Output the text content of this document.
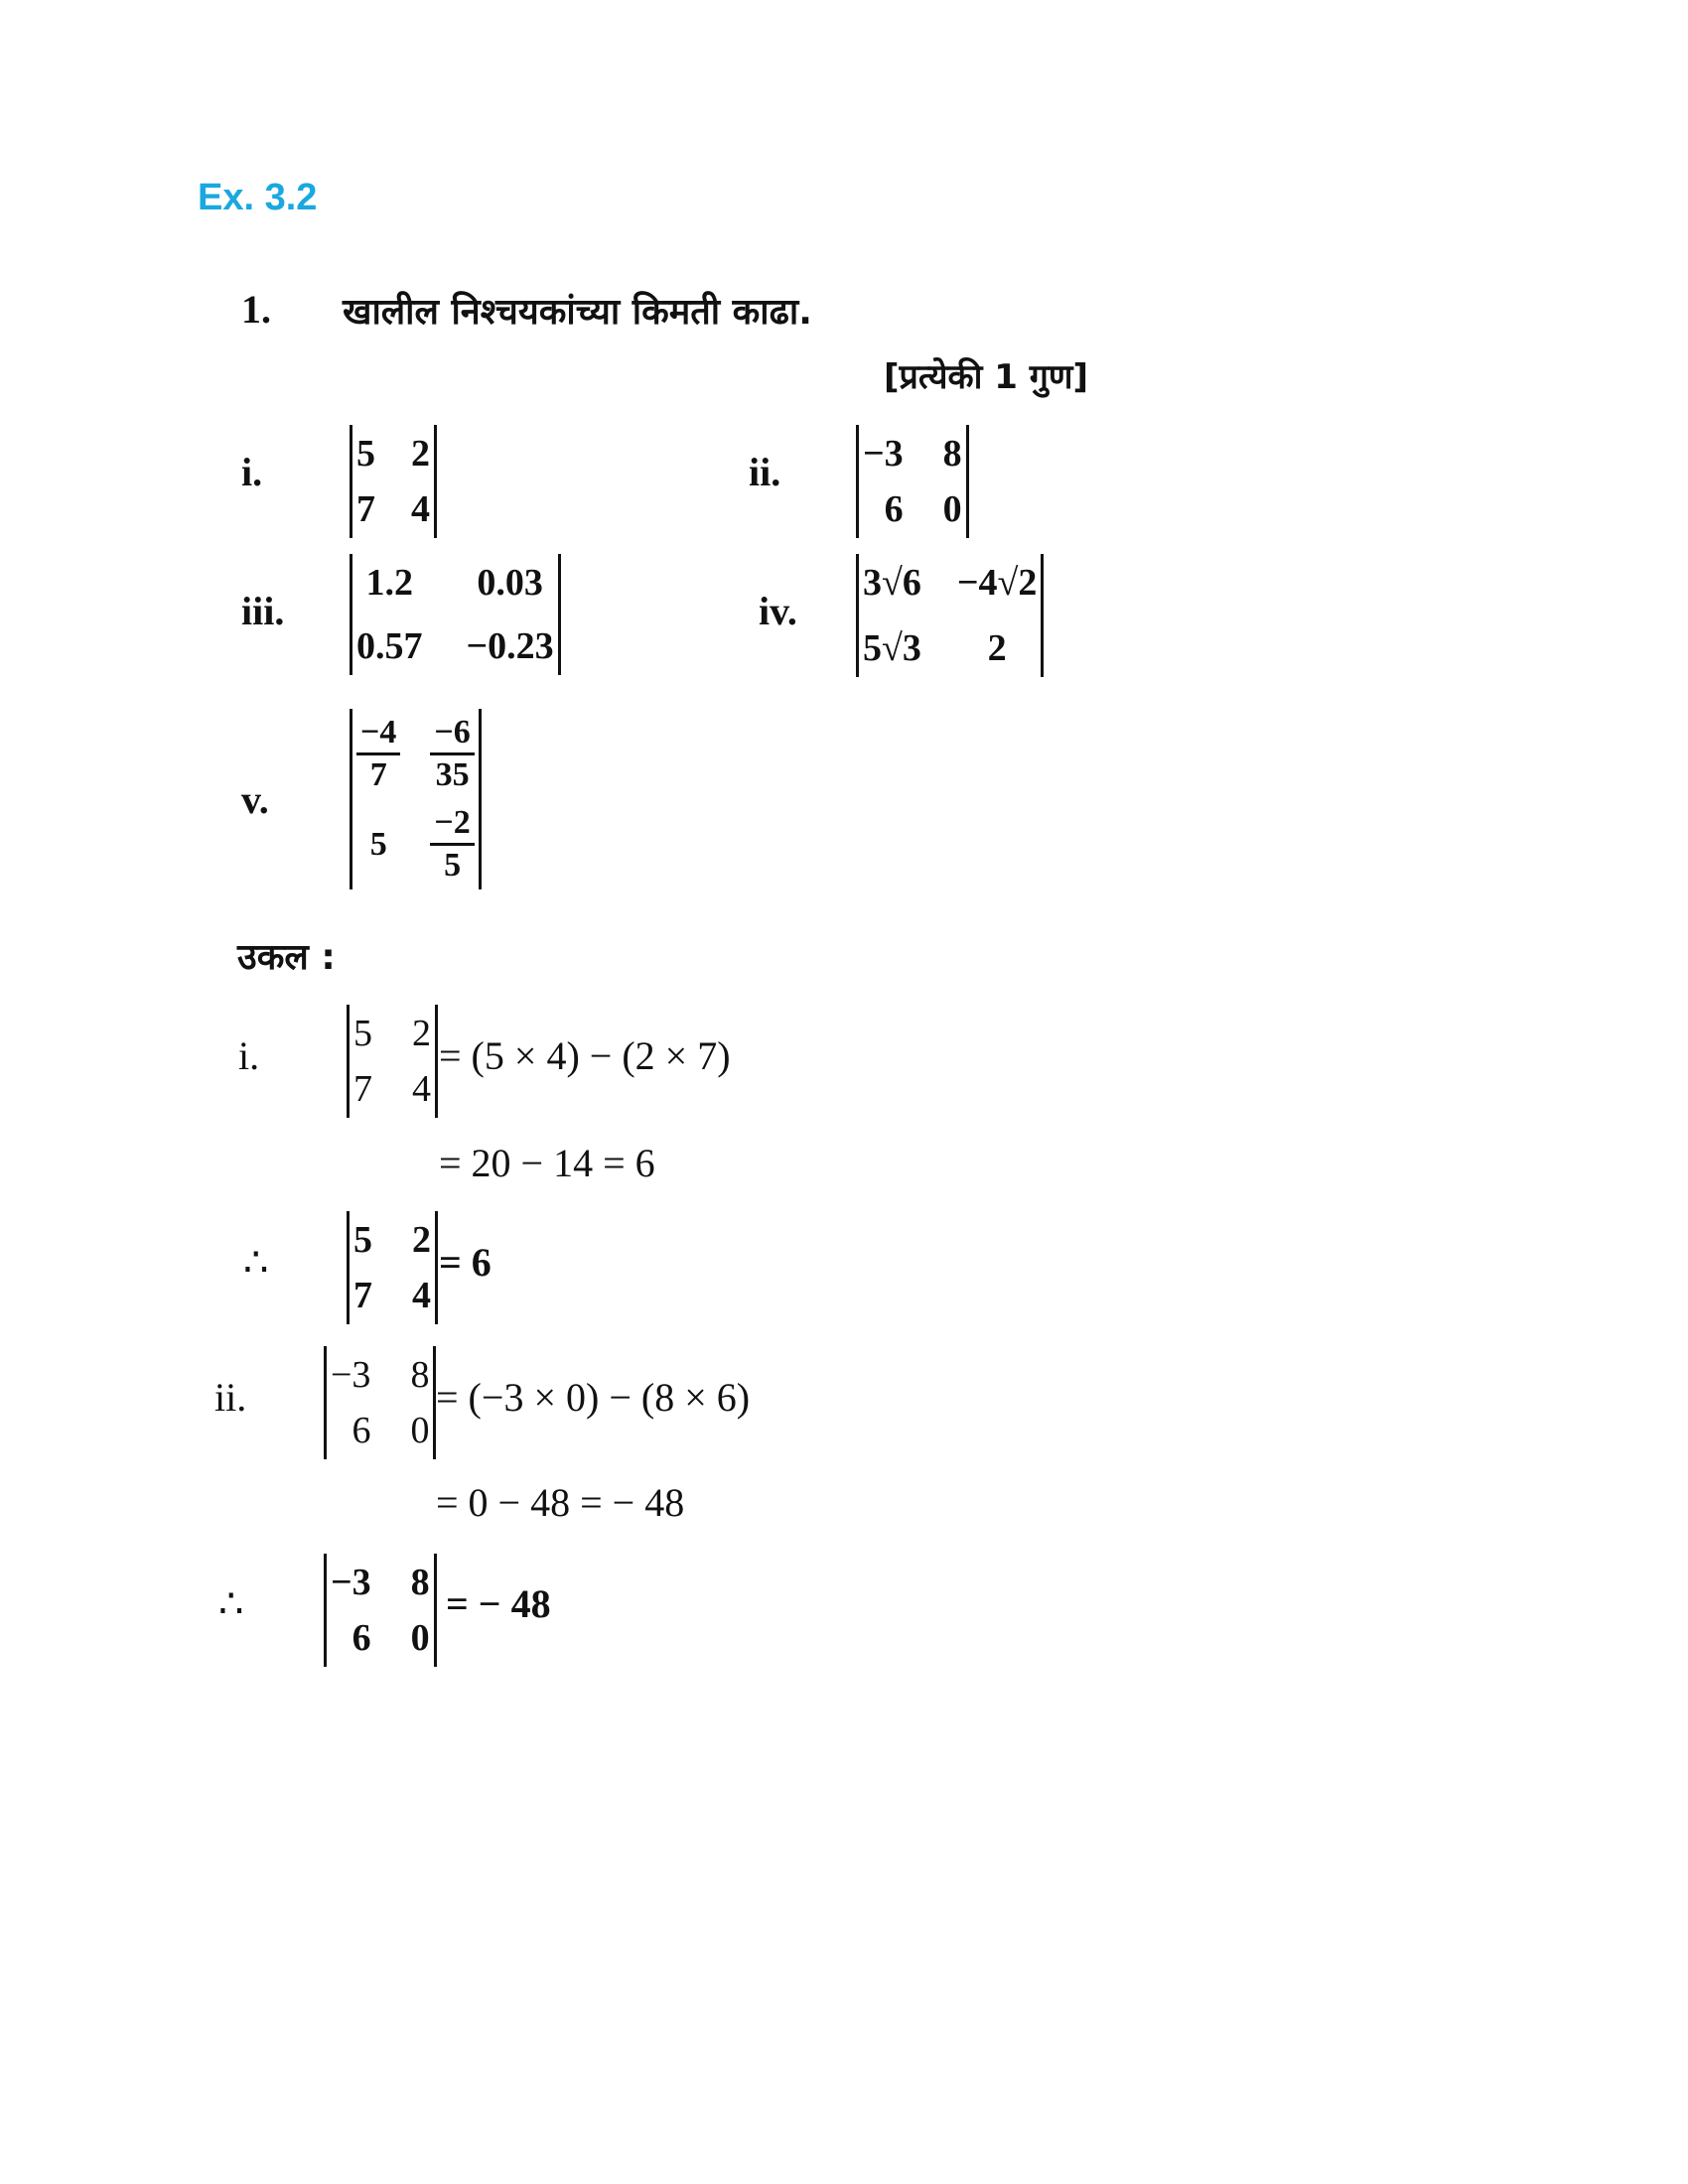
Ex. 3.2
1. खालील निश्चयकांच्या किमती काढा.
[प्रत्येकी 1 गुण]
i. 5 2
7 4
ii. −3 8
6 0
iii.
1.2 0.03
0.57 −0.23
iv.
3√6 −4√2
5√3	2
v.
$\frac{-4}{7} \frac{-6}{35}$
5	$\frac{-2}{5}$
उकल :
i. 5 2
7 4
= (5 × 4) − (2 × 7)
= 20 − 14 = 6
∴ 5 2
7 4
= 6
ii. −3 8
6 0
= (−3 × 0) − (8 × 6)
= 0 − 48 = − 48
∴ −3 8
6 0
= − 48
